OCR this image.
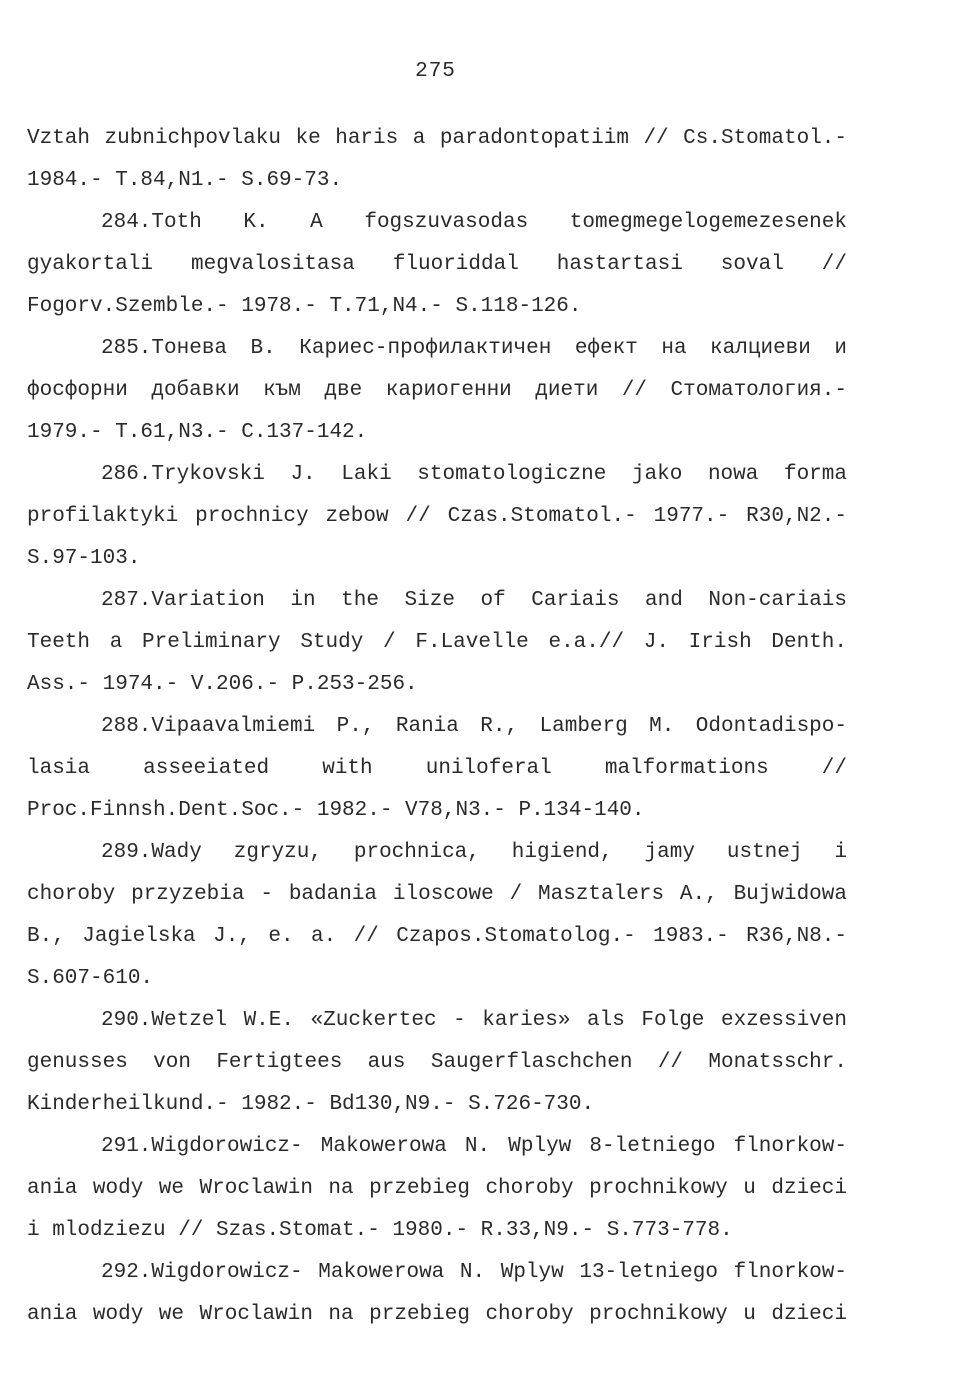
275
Vztah zubnichpovlaku ke haris a paradontopatiim // Cs.Stomatol.-
1984.- T.84,N1.- S.69-73.
284.Toth K. A fogszuvasodas tomegmegelogemezesenek
gyakortali megvalositasa fluoriddal hastartasi soval //
Fogorv.Szemble.- 1978.- T.71,N4.- S.118-126.
285.Тонева В. Кариес-профилактичен ефект на калциеви и
фосфорни добавки към две кариогенни диети // Стоматология.-
1979.- T.61,N3.- C.137-142.
286.Trykovski J. Laki stomatologiczne jako nowa forma
profilaktyki prochnicy zebow // Czas.Stomatol.- 1977.- R30,N2.-
S.97-103.
287.Variation in the Size of Cariais and Non-cariais
Teeth a Preliminary Study / F.Lavelle e.a.// J. Irish Denth.
Ass.- 1974.- V.206.- P.253-256.
288.Vipaavalmiemi P., Rania R., Lamberg M. Odontadispo-
lasia asseeiated with uniloferal malformations //
Proc.Finnsh.Dent.Soc.- 1982.- V78,N3.- P.134-140.
289.Wady zgryzu, prochnica, higiend, jamy ustnej i
choroby przyzebia - badania iloscowe / Masztalers A., Bujwidowa
B., Jagielska J., e. a. // Czapos.Stomatolog.- 1983.- R36,N8.-
S.607-610.
290.Wetzel W.E. «Zuckertec - karies» als Folge exzessiven
genusses von Fertigtees aus Saugerflaschchen // Monatsschr.
Kinderheilkund.- 1982.- Bd130,N9.- S.726-730.
291.Wigdorowicz- Makowerowa N. Wplyw 8-letniego flnorkow-
ania wody we Wroclawin na przebieg choroby prochnikowy u dzieci
i mlodziezu // Szas.Stomat.- 1980.- R.33,N9.- S.773-778.
292.Wigdorowicz- Makowerowa N. Wplyw 13-letniego flnorkow-
ania wody we Wroclawin na przebieg choroby prochnikowy u dzieci
